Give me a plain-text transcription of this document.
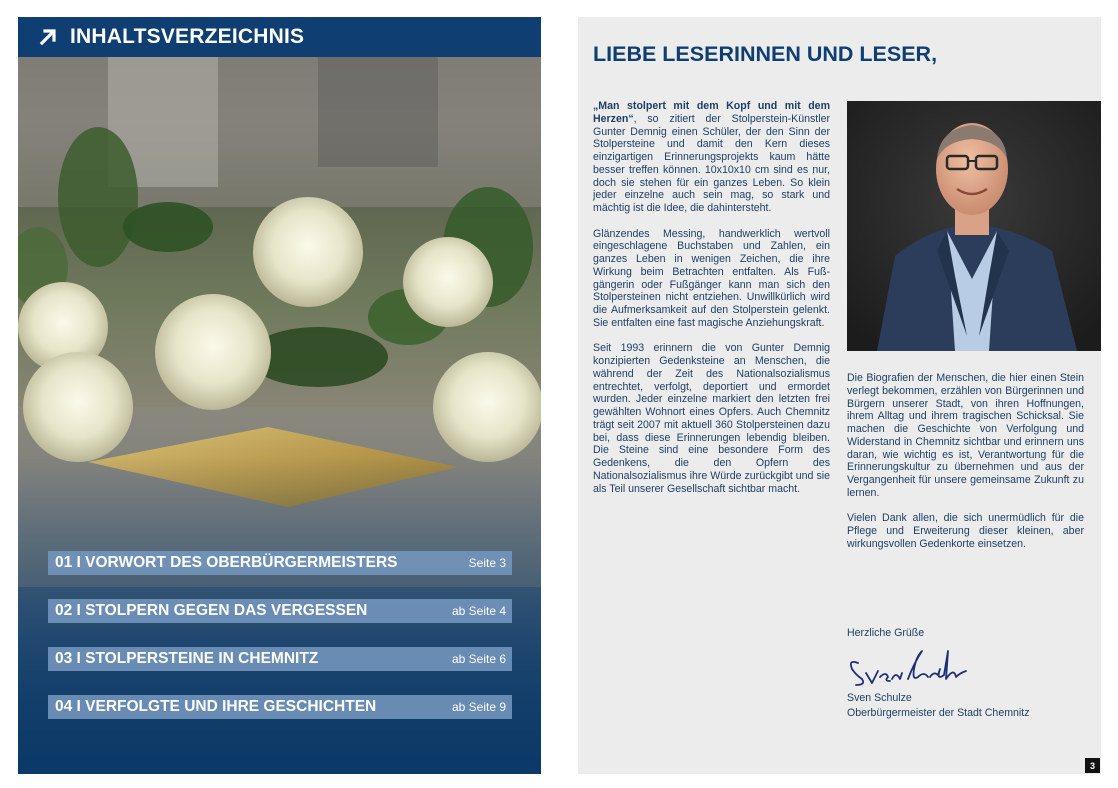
INHALTSVERZEICHNIS
01 I VORWORT DES OBERBÜRGERMEISTERS	Seite 3
02 I STOLPERN GEGEN DAS VERGESSEN	ab Seite 4
03 I STOLPERSTEINE IN CHEMNITZ	ab Seite 6
04 I VERFOLGTE UND IHRE GESCHICHTEN	ab Seite 9
LIEBE LESERINNEN UND LESER,

„Man stolpert mit dem Kopf und mit dem Herzen“, so zitiert der Stolperstein-Künstler Gunter Demnig einen Schüler, der den Sinn der Stolpersteine und damit den Kern dieses einzigartigen Erinnerungsprojekts kaum hätte besser treffen können. 10x10x10 cm sind es nur, doch sie stehen für ein ganzes Leben. So klein jeder einzelne auch sein mag, so stark und mächtig ist die Idee, die dahintersteht.

Glänzendes Messing, handwerklich wertvoll eingeschlagene Buchstaben und Zahlen, ein ganzes Leben in wenigen Zeichen, die ihre Wirkung beim Betrachten entfalten. Als Fußgängerin oder Fußgänger kann man sich den Stolpersteinen nicht entziehen. Unwillkürlich wird die Aufmerksamkeit auf den Stolperstein gelenkt. Sie entfalten eine fast magische Anziehungskraft.

Seit 1993 erinnern die von Gunter Demnig konzipierten Gedenksteine an Menschen, die während der Zeit des Nationalsozialismus entrechtet, verfolgt, deportiert und ermordet wurden. Jeder einzelne markiert den letzten frei gewählten Wohnort eines Opfers. Auch Chemnitz trägt seit 2007 mit aktuell 360 Stolpersteinen dazu bei, dass diese Erinnerungen lebendig bleiben. Die Steine sind eine besondere Form des Gedenkens, die den Opfern des Nationalsozialismus ihre Würde zurückgibt und sie als Teil unserer Gesellschaft sichtbar macht.

Die Biografien der Menschen, die hier einen Stein verlegt bekommen, erzählen von Bürgerinnen und Bürgern unserer Stadt, von ihren Hoffnungen, ihrem Alltag und ihrem tragischen Schicksal. Sie machen die Geschichte von Verfolgung und Widerstand in Chemnitz sichtbar und erinnern uns daran, wie wichtig es ist, Verantwortung für die Erinnerungskultur zu übernehmen und aus der Vergangenheit für unsere gemeinsame Zukunft zu lernen.

Vielen Dank allen, die sich unermüdlich für die Pflege und Erweiterung dieser kleinen, aber wirkungsvollen Gedenkorte einsetzen.

Herzliche Grüße
Sven Schulze
Oberbürgermeister der Stadt Chemnitz
3
